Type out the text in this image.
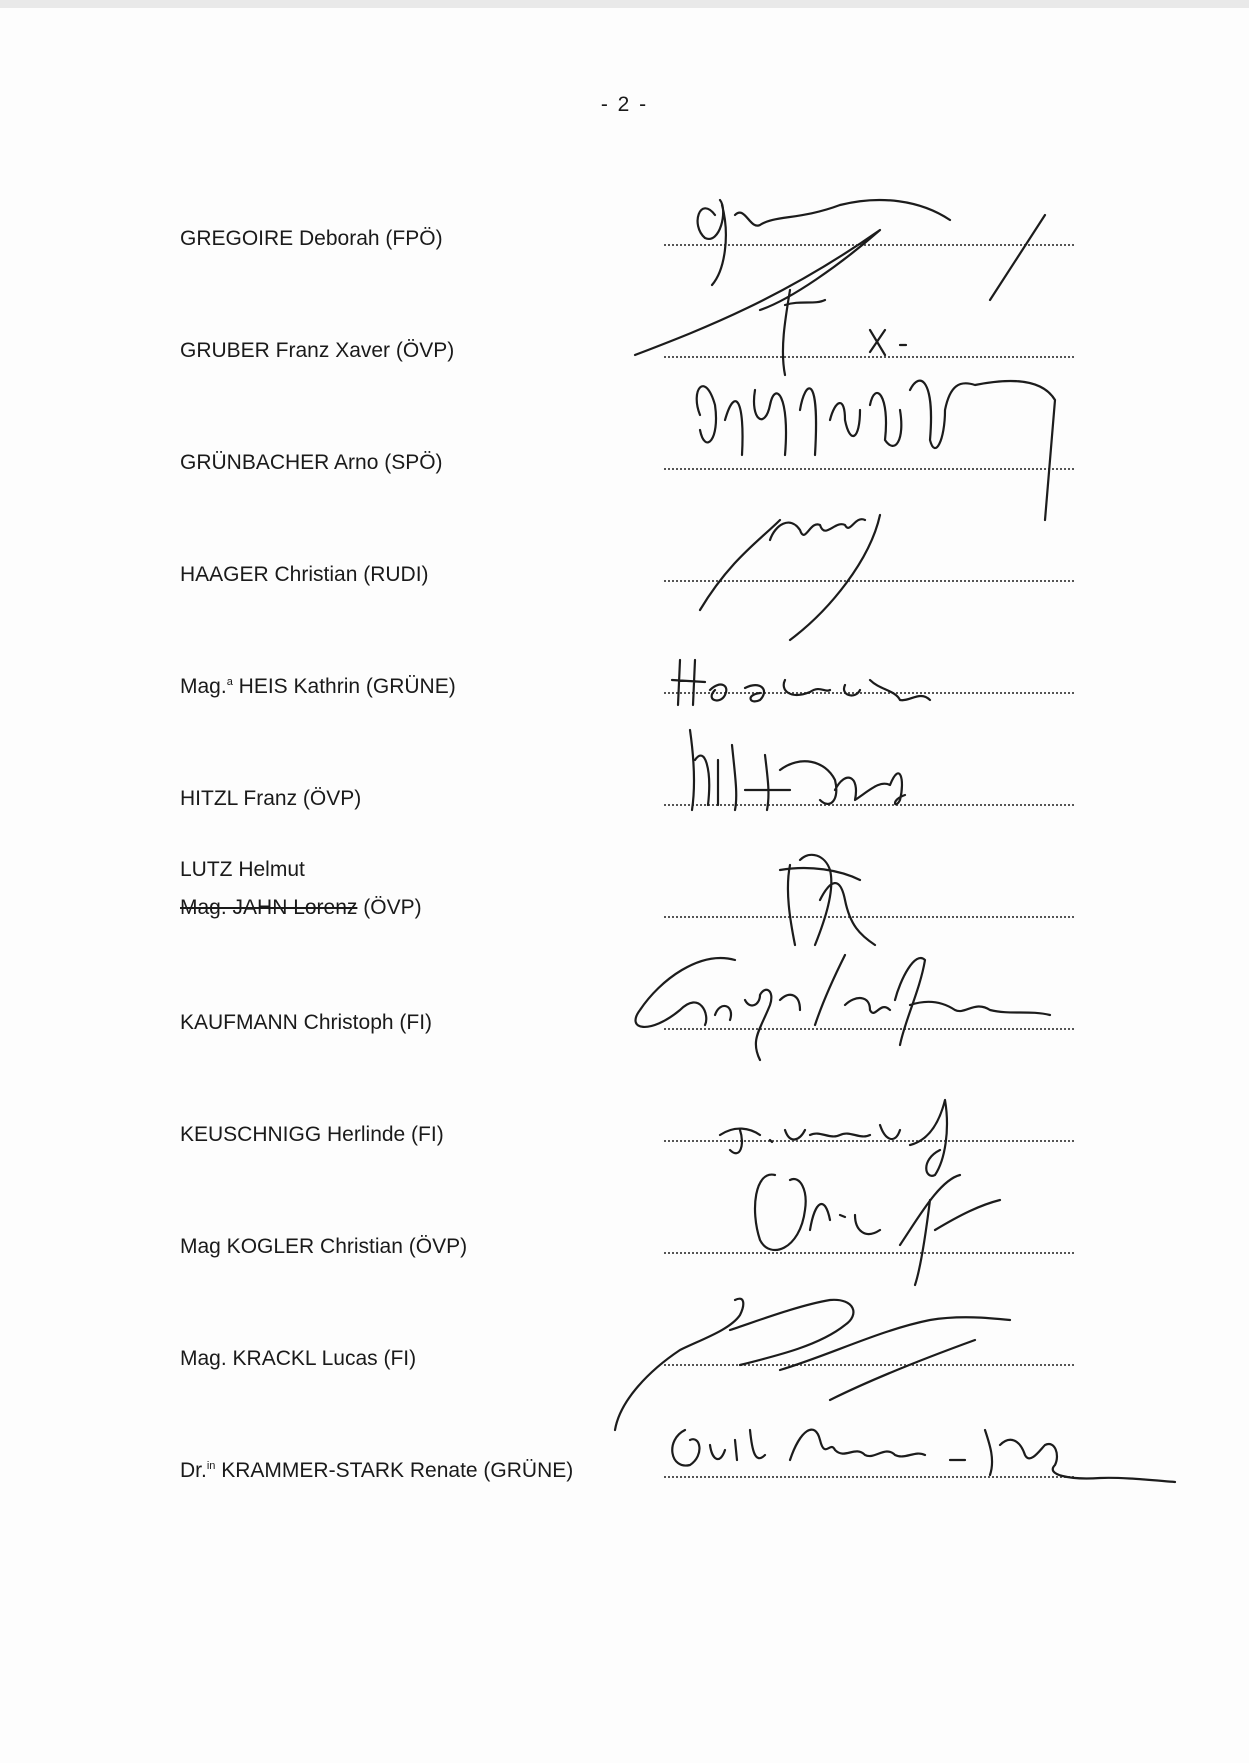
- 2 -
GREGOIRE Deborah (FPÖ)
GRUBER Franz Xaver (ÖVP)
GRÜNBACHER Arno (SPÖ)
HAAGER Christian (RUDI)
Mag.$^a$ HEIS Kathrin (GRÜNE)
HITZL Franz (ÖVP)
LUTZ Helmut
Mag. JAHN Lorenz (ÖVP)
KAUFMANN Christoph (FI)
KEUSCHNIGG Herlinde (FI)
Mag KOGLER Christian (ÖVP)
Mag. KRACKL Lucas (FI)
Dr.$^{in}$ KRAMMER-STARK Renate (GRÜNE)
